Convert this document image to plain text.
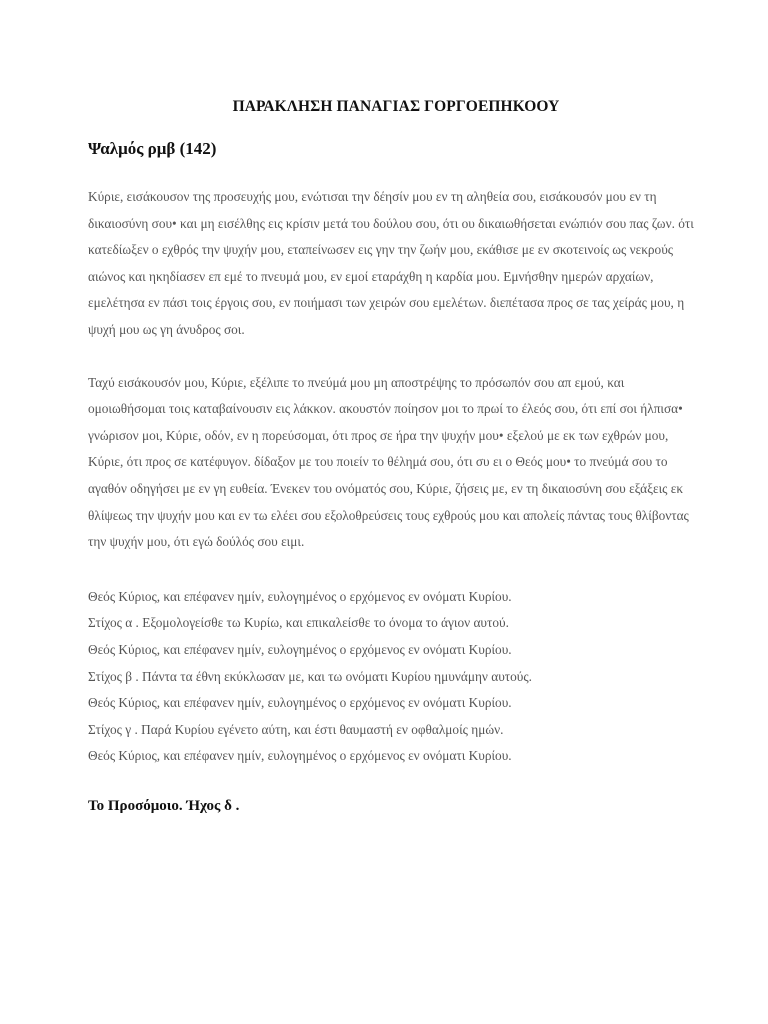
ΠΑΡΑΚΛΗΣΗ ΠΑΝΑΓΙΑΣ ΓΟΡΓΟΕΠΗΚΟΟΥ
Ψαλμός ρμβ (142)

Κύριε, εισάκουσον της προσευχής μου, ενώτισαι την δέησίν μου εν τη αληθεία σου, εισάκουσόν μου εν τη δικαιοσύνη σου• και μη εισέλθης εις κρίσιν μετά του δούλου σου, ότι ου δικαιωθήσεται ενώπιόν σου πας ζων. ότι κατεδίωξεν ο εχθρός την ψυχήν μου, εταπείνωσεν εις γην την ζωήν μου, εκάθισε με εν σκοτεινοίς ως νεκρούς αιώνος και ηκηδίασεν επ εμέ το πνευμά μου, εν εμοί εταράχθη η καρδία μου. Εμνήσθην ημερών αρχαίων, εμελέτησα εν πάσι τοις έργοις σου, εν ποιήμασι των χειρών σου εμελέτων. διεπέτασα προς σε τας χείράς μου, η ψυχή μου ως γη άνυδρος σοι.

Ταχύ εισάκουσόν μου, Κύριε, εξέλιπε το πνεύμά μου μη αποστρέψης το πρόσωπόν σου απ εμού, και ομοιωθήσομαι τοις καταβαίνουσιν εις λάκκον. ακουστόν ποίησον μοι το πρωί το έλεός σου, ότι επί σοι ήλπισα• γνώρισον μοι, Κύριε, οδόν, εν η πορεύσομαι, ότι προς σε ήρα την ψυχήν μου• εξελού με εκ των εχθρών μου, Κύριε, ότι προς σε κατέφυγον. δίδαξον με του ποιείν το θέλημά σου, ότι συ ει ο Θεός μου• το πνεύμά σου το αγαθόν οδηγήσει με εν γη ευθεία. Ένεκεν του ονόματός σου, Κύριε, ζήσεις με, εν τη δικαιοσύνη σου εξάξεις εκ θλίψεως την ψυχήν μου και εν τω ελέει σου εξολοθρεύσεις τους εχθρούς μου και απολείς πάντας τους θλίβοντας την ψυχήν μου, ότι εγώ δούλός σου ειμι.

Θεός Κύριος, και επέφανεν ημίν, ευλογημένος ο ερχόμενος εν ονόματι Κυρίου.
Στίχος α . Εξομολογείσθε τω Κυρίω, και επικαλείσθε το όνομα το άγιον αυτού.
Θεός Κύριος, και επέφανεν ημίν, ευλογημένος ο ερχόμενος εν ονόματι Κυρίου.
Στίχος β . Πάντα τα έθνη εκύκλωσαν με, και τω ονόματι Κυρίου ημυνάμην αυτούς.
Θεός Κύριος, και επέφανεν ημίν, ευλογημένος ο ερχόμενος εν ονόματι Κυρίου.
Στίχος γ . Παρά Κυρίου εγένετο αύτη, και έστι θαυμαστή εν οφθαλμοίς ημών.
Θεός Κύριος, και επέφανεν ημίν, ευλογημένος ο ερχόμενος εν ονόματι Κυρίου.
Το Προσόμοιο. Ήχος δ .
